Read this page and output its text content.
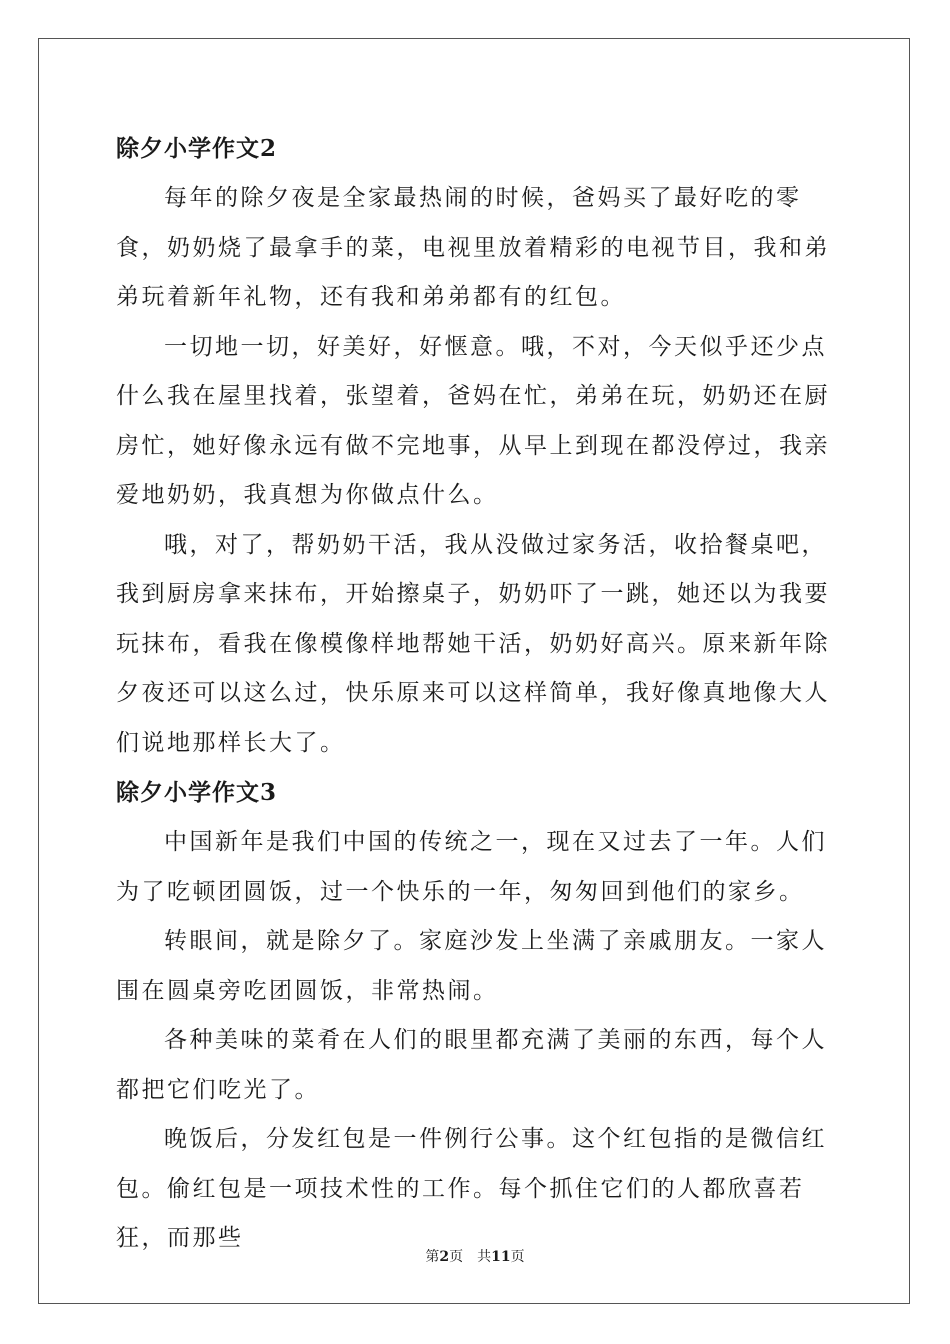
除夕小学作文2

每年的除夕夜是全家最热闹的时候，爸妈买了最好吃的零食，奶奶烧了最拿手的菜，电视里放着精彩的电视节目，我和弟弟玩着新年礼物，还有我和弟弟都有的红包。

一切地一切，好美好，好惬意。哦，不对，今天似乎还少点什么我在屋里找着，张望着，爸妈在忙，弟弟在玩，奶奶还在厨房忙，她好像永远有做不完地事，从早上到现在都没停过，我亲爱地奶奶，我真想为你做点什么。

哦，对了，帮奶奶干活，我从没做过家务活，收拾餐桌吧，我到厨房拿来抹布，开始擦桌子，奶奶吓了一跳，她还以为我要玩抹布，看我在像模像样地帮她干活，奶奶好高兴。原来新年除夕夜还可以这么过，快乐原来可以这样简单，我好像真地像大人们说地那样长大了。

除夕小学作文3

中国新年是我们中国的传统之一，现在又过去了一年。人们为了吃顿团圆饭，过一个快乐的一年，匆匆回到他们的家乡。

转眼间，就是除夕了。家庭沙发上坐满了亲戚朋友。一家人围在圆桌旁吃团圆饭，非常热闹。

各种美味的菜肴在人们的眼里都充满了美丽的东西，每个人都把它们吃光了。

晚饭后，分发红包是一件例行公事。这个红包指的是微信红包。偷红包是一项技术性的工作。每个抓住它们的人都欣喜若狂，而那些

第2页　共11页
